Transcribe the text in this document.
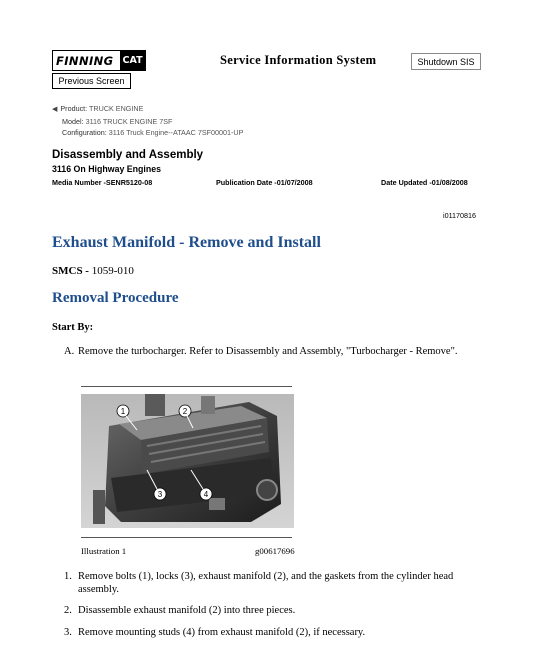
FINNING CAT	Service Information System	Shutdown SIS
Previous Screen
◀ Product: TRUCK ENGINE
Model: 3116 TRUCK ENGINE 7SF
Configuration: 3116 Truck Engine--ATAAC 7SF00001-UP
Disassembly and Assembly
3116 On Highway Engines
Media Number -SENR5120-08	Publication Date -01/07/2008	Date Updated -01/08/2008
i01170816
Exhaust Manifold - Remove and Install
SMCS - 1059-010
Removal Procedure
Start By:
A. Remove the turbocharger. Refer to Disassembly and Assembly, "Turbocharger - Remove".
1	2
3	4
Illustration 1	g00617696
1. Remove bolts (1), locks (3), exhaust manifold (2), and the gaskets from the cylinder head assembly.
2. Disassemble exhaust manifold (2) into three pieces.
3. Remove mounting studs (4) from exhaust manifold (2), if necessary.
